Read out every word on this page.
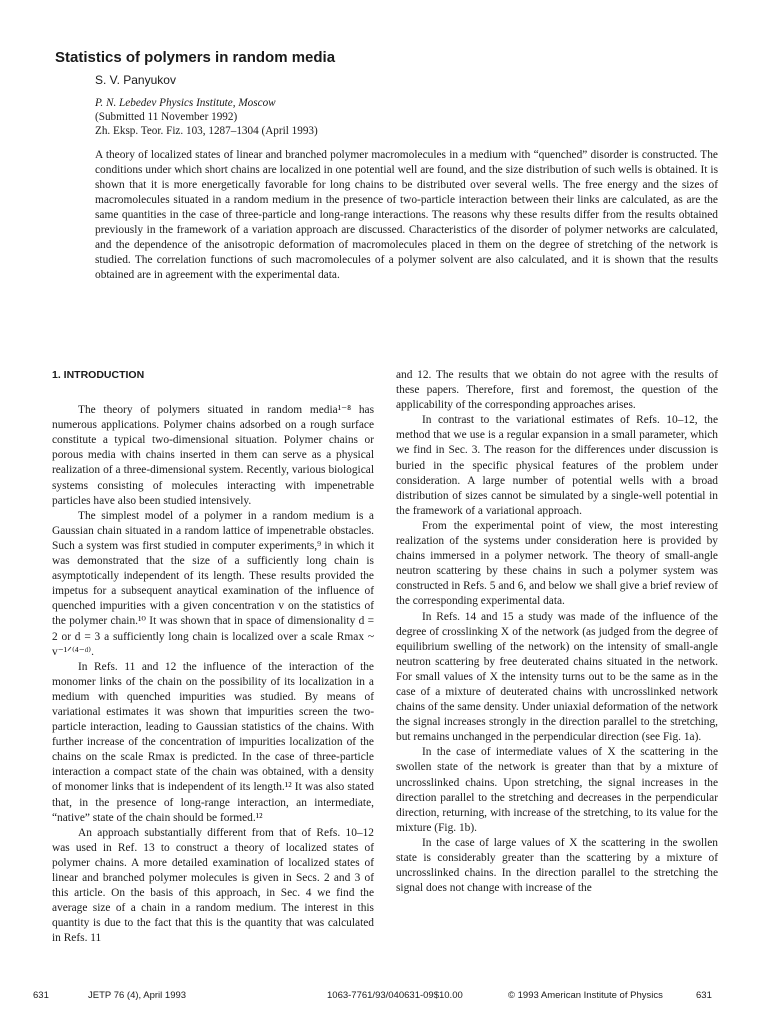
Statistics of polymers in random media
S. V. Panyukov
P. N. Lebedev Physics Institute, Moscow
(Submitted 11 November 1992)
Zh. Eksp. Teor. Fiz. 103, 1287–1304 (April 1993)
A theory of localized states of linear and branched polymer macromolecules in a medium with “quenched” disorder is constructed. The conditions under which short chains are localized in one potential well are found, and the size distribution of such wells is obtained. It is shown that it is more energetically favorable for long chains to be distributed over several wells. The free energy and the sizes of macromolecules situated in a random medium in the presence of two-particle interaction between their links are calculated, as are the same quantities in the case of three-particle and long-range interactions. The reasons why these results differ from the results obtained previously in the framework of a variation approach are discussed. Characteristics of the disorder of polymer networks are calculated, and the dependence of the anisotropic deformation of macromolecules placed in them on the degree of stretching of the network is studied. The correlation functions of such macromolecules of a polymer solvent are also calculated, and it is shown that the results obtained are in agreement with the experimental data.
1. INTRODUCTION

The theory of polymers situated in random media¹⁻⁸ has numerous applications. Polymer chains adsorbed on a rough surface constitute a typical two-dimensional situation. Polymer chains or porous media with chains inserted in them can serve as a physical realization of a three-dimensional system. Recently, various biological systems consisting of molecules interacting with impenetrable particles have also been studied intensively.

The simplest model of a polymer in a random medium is a Gaussian chain situated in a random lattice of impenetrable obstacles. Such a system was first studied in computer experiments,⁹ in which it was demonstrated that the size of a sufficiently long chain is asymptotically independent of its length. These results provided the impetus for a subsequent anaytical examination of the influence of quenched impurities with a given concentration v on the statistics of the polymer chain.¹⁰ It was shown that in space of dimensionality d = 2 or d = 3 a sufficiently long chain is localized over a scale Rmax ~ v⁻¹ᐟ⁽⁴⁻ᵈ⁾.

In Refs. 11 and 12 the influence of the interaction of the monomer links of the chain on the possibility of its localization in a medium with quenched impurities was studied. By means of variational estimates it was shown that impurities screen the two-particle interaction, leading to Gaussian statistics of the chains. With further increase of the concentration of impurities localization of the chains on the scale Rmax is predicted. In the case of three-particle interaction a compact state of the chain was obtained, with a density of monomer links that is independent of its length.¹² It was also stated that, in the presence of long-range interaction, an intermediate, “native” state of the chain should be formed.¹²

An approach substantially different from that of Refs. 10–12 was used in Ref. 13 to construct a theory of localized states of polymer chains. A more detailed examination of localized states of linear and branched polymer molecules is given in Secs. 2 and 3 of this article. On the basis of this approach, in Sec. 4 we find the average size of a chain in a random medium. The interest in this quantity is due to the fact that this is the quantity that was calculated in Refs. 11

and 12. The results that we obtain do not agree with the results of these papers. Therefore, first and foremost, the question of the applicability of the corresponding approaches arises.

In contrast to the variational estimates of Refs. 10–12, the method that we use is a regular expansion in a small parameter, which we find in Sec. 3. The reason for the differences under discussion is buried in the specific physical features of the problem under consideration. A large number of potential wells with a broad distribution of sizes cannot be simulated by a single-well potential in the framework of a variational approach.

From the experimental point of view, the most interesting realization of the systems under consideration here is provided by chains immersed in a polymer network. The theory of small-angle neutron scattering by these chains in such a polymer system was constructed in Refs. 5 and 6, and below we shall give a brief review of the corresponding experimental data.

In Refs. 14 and 15 a study was made of the influence of the degree of crosslinking X of the network (as judged from the degree of equilibrium swelling of the network) on the intensity of small-angle neutron scattering by free deuterated chains situated in the network. For small values of X the intensity turns out to be the same as in the case of a mixture of deuterated chains with uncrosslinked network chains of the same density. Under uniaxial deformation of the network the signal increases strongly in the direction parallel to the stretching, but remains unchanged in the perpendicular direction (see Fig. 1a).

In the case of intermediate values of X the scattering in the swollen state of the network is greater than that by a mixture of uncrosslinked chains. Upon stretching, the signal increases in the direction parallel to the stretching and decreases in the perpendicular direction, returning, with increase of the stretching, to its value for the mixture (Fig. 1b).

In the case of large values of X the scattering in the swollen state is considerably greater than the scattering by a mixture of uncrosslinked chains. In the direction parallel to the stretching the signal does not change with increase of the

631	JETP 76 (4), April 1993	1063-7761/93/040631-09$10.00	© 1993 American Institute of Physics	631
